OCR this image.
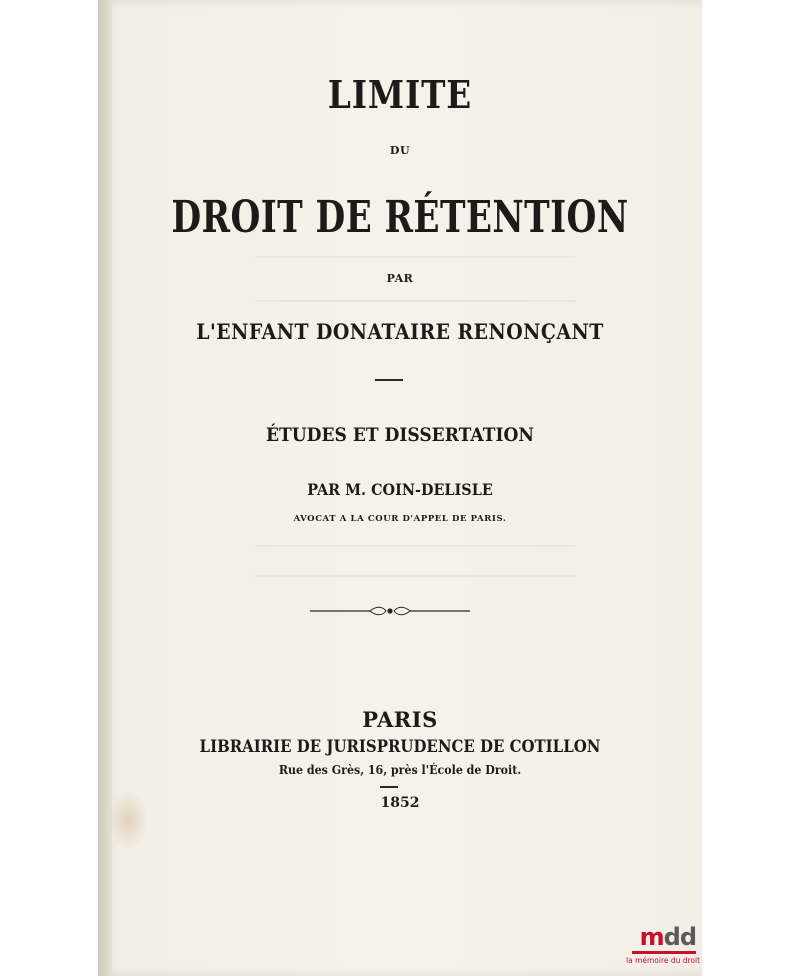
LIMITE
DU
DROIT DE RÉTENTION
PAR
L'ENFANT DONATAIRE RENONÇANT
ÉTUDES ET DISSERTATION
PAR M. COIN-DELISLE
AVOCAT A LA COUR D'APPEL DE PARIS.
PARIS
LIBRAIRIE DE JURISPRUDENCE DE COTILLON
Rue des Grès, 16, près l'École de Droit.
1852
mdd
la mémoire du droit
